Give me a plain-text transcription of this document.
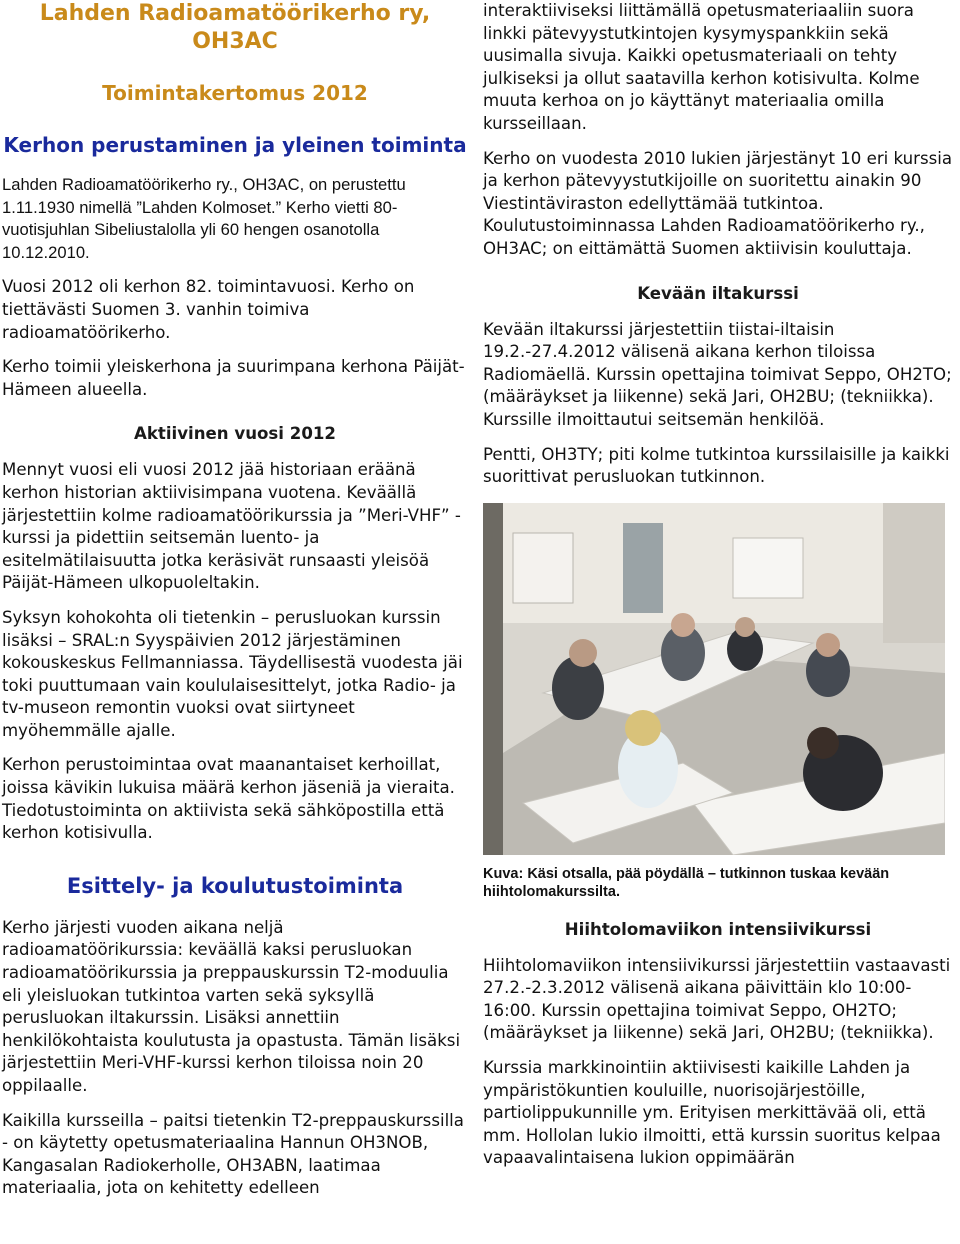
Lahden Radioamatöörikerho ry, OH3AC
Toimintakertomus 2012
Kerhon perustaminen ja yleinen toiminta

Lahden Radioamatöörikerho ry., OH3AC, on perustettu 1.11.1930 nimellä ”Lahden Kolmoset.” Kerho vietti 80-vuotisjuhlan Sibeliustalolla yli 60 hengen osanotolla 10.12.2010.

Vuosi 2012 oli kerhon 82. toimintavuosi. Kerho on tiettävästi Suomen 3. vanhin toimiva radioamatöörikerho.

Kerho toimii yleiskerhona ja suurimpana kerhona Päijät-Hämeen alueella.

Aktiivinen vuosi 2012

Mennyt vuosi eli vuosi 2012 jää historiaan eräänä kerhon historian aktiivisimpana vuotena. Keväällä järjestettiin kolme radioamatöörikurssia ja ”Meri-VHF” -kurssi ja pidettiin seitsemän luento- ja esitelmätilaisuutta jotka keräsivät runsaasti yleisöä Päijät-Hämeen ulkopuoleltakin.

Syksyn kohokohta oli tietenkin – perusluokan kurssin lisäksi – SRAL:n Syyspäivien 2012 järjestäminen kokouskeskus Fellmanniassa. Täydellisestä vuodesta jäi toki puuttumaan vain koululaisesittelyt, jotka Radio- ja tv-museon remontin vuoksi ovat siirtyneet myöhemmälle ajalle.

Kerhon perustoimintaa ovat maanantaiset kerhoillat, joissa kävikin lukuisa määrä kerhon jäseniä ja vieraita. Tiedotustoiminta on aktiivista sekä sähköpostilla että kerhon kotisivulla.

Esittely- ja koulutustoiminta

Kerho järjesti vuoden aikana neljä radioamatöörikurssia: keväällä kaksi perusluokan radioamatöörikurssia ja preppauskurssin T2-moduulia eli yleisluokan tutkintoa varten sekä syksyllä perusluokan iltakurssin. Lisäksi annettiin henkilökohtaista koulutusta ja opastusta. Tämän lisäksi järjestettiin Meri-VHF-kurssi kerhon tiloissa noin 20 oppilaalle.

Kaikilla kursseilla – paitsi tietenkin T2-preppauskurssilla - on käytetty opetusmateriaalina Hannun OH3NOB, Kangasalan Radiokerholle, OH3ABN, laatimaa materiaalia, jota on kehitetty edelleen

interaktiiviseksi liittämällä opetusmateriaaliin suora linkki pätevyystutkintojen kysymyspankkiin sekä uusimalla sivuja. Kaikki opetusmateriaali on tehty julkiseksi ja ollut saatavilla kerhon kotisivulta. Kolme muuta kerhoa on jo käyttänyt materiaalia omilla kursseillaan.

Kerho on vuodesta 2010 lukien järjestänyt 10 eri kurssia ja kerhon pätevyystutkijoille on suoritettu ainakin 90 Viestintäviraston edellyttämää tutkintoa. Koulutustoiminnassa Lahden Radioamatöörikerho ry., OH3AC; on eittämättä Suomen aktiivisin kouluttaja.

Kevään iltakurssi

Kevään iltakurssi järjestettiin tiistai-iltaisin 19.2.-27.4.2012 välisenä aikana kerhon tiloissa Radiomäellä. Kurssin opettajina toimivat Seppo, OH2TO; (määräykset ja liikenne) sekä Jari, OH2BU; (tekniikka). Kurssille ilmoittautui seitsemän henkilöä.

Pentti, OH3TY; piti kolme tutkintoa kurssilaisille ja kaikki suorittivat perusluokan tutkinnon.

Kuva: Käsi otsalla, pää pöydällä – tutkinnon tuskaa kevään hiihtolomakurssilta.

Hiihtolomaviikon intensiivikurssi

Hiihtolomaviikon intensiivikurssi järjestettiin vastaavasti 27.2.-2.3.2012 välisenä aikana päivittäin klo 10:00-16:00. Kurssin opettajina toimivat Seppo, OH2TO; (määräykset ja liikenne) sekä Jari, OH2BU; (tekniikka).

Kurssia markkinointiin aktiivisesti kaikille Lahden ja ympäristökuntien kouluille, nuorisojärjestöille, partiolippukunnille ym. Erityisen merkittävää oli, että mm. Hollolan lukio ilmoitti, että kurssin suoritus kelpaa vapaavalintaisena lukion oppimäärän
